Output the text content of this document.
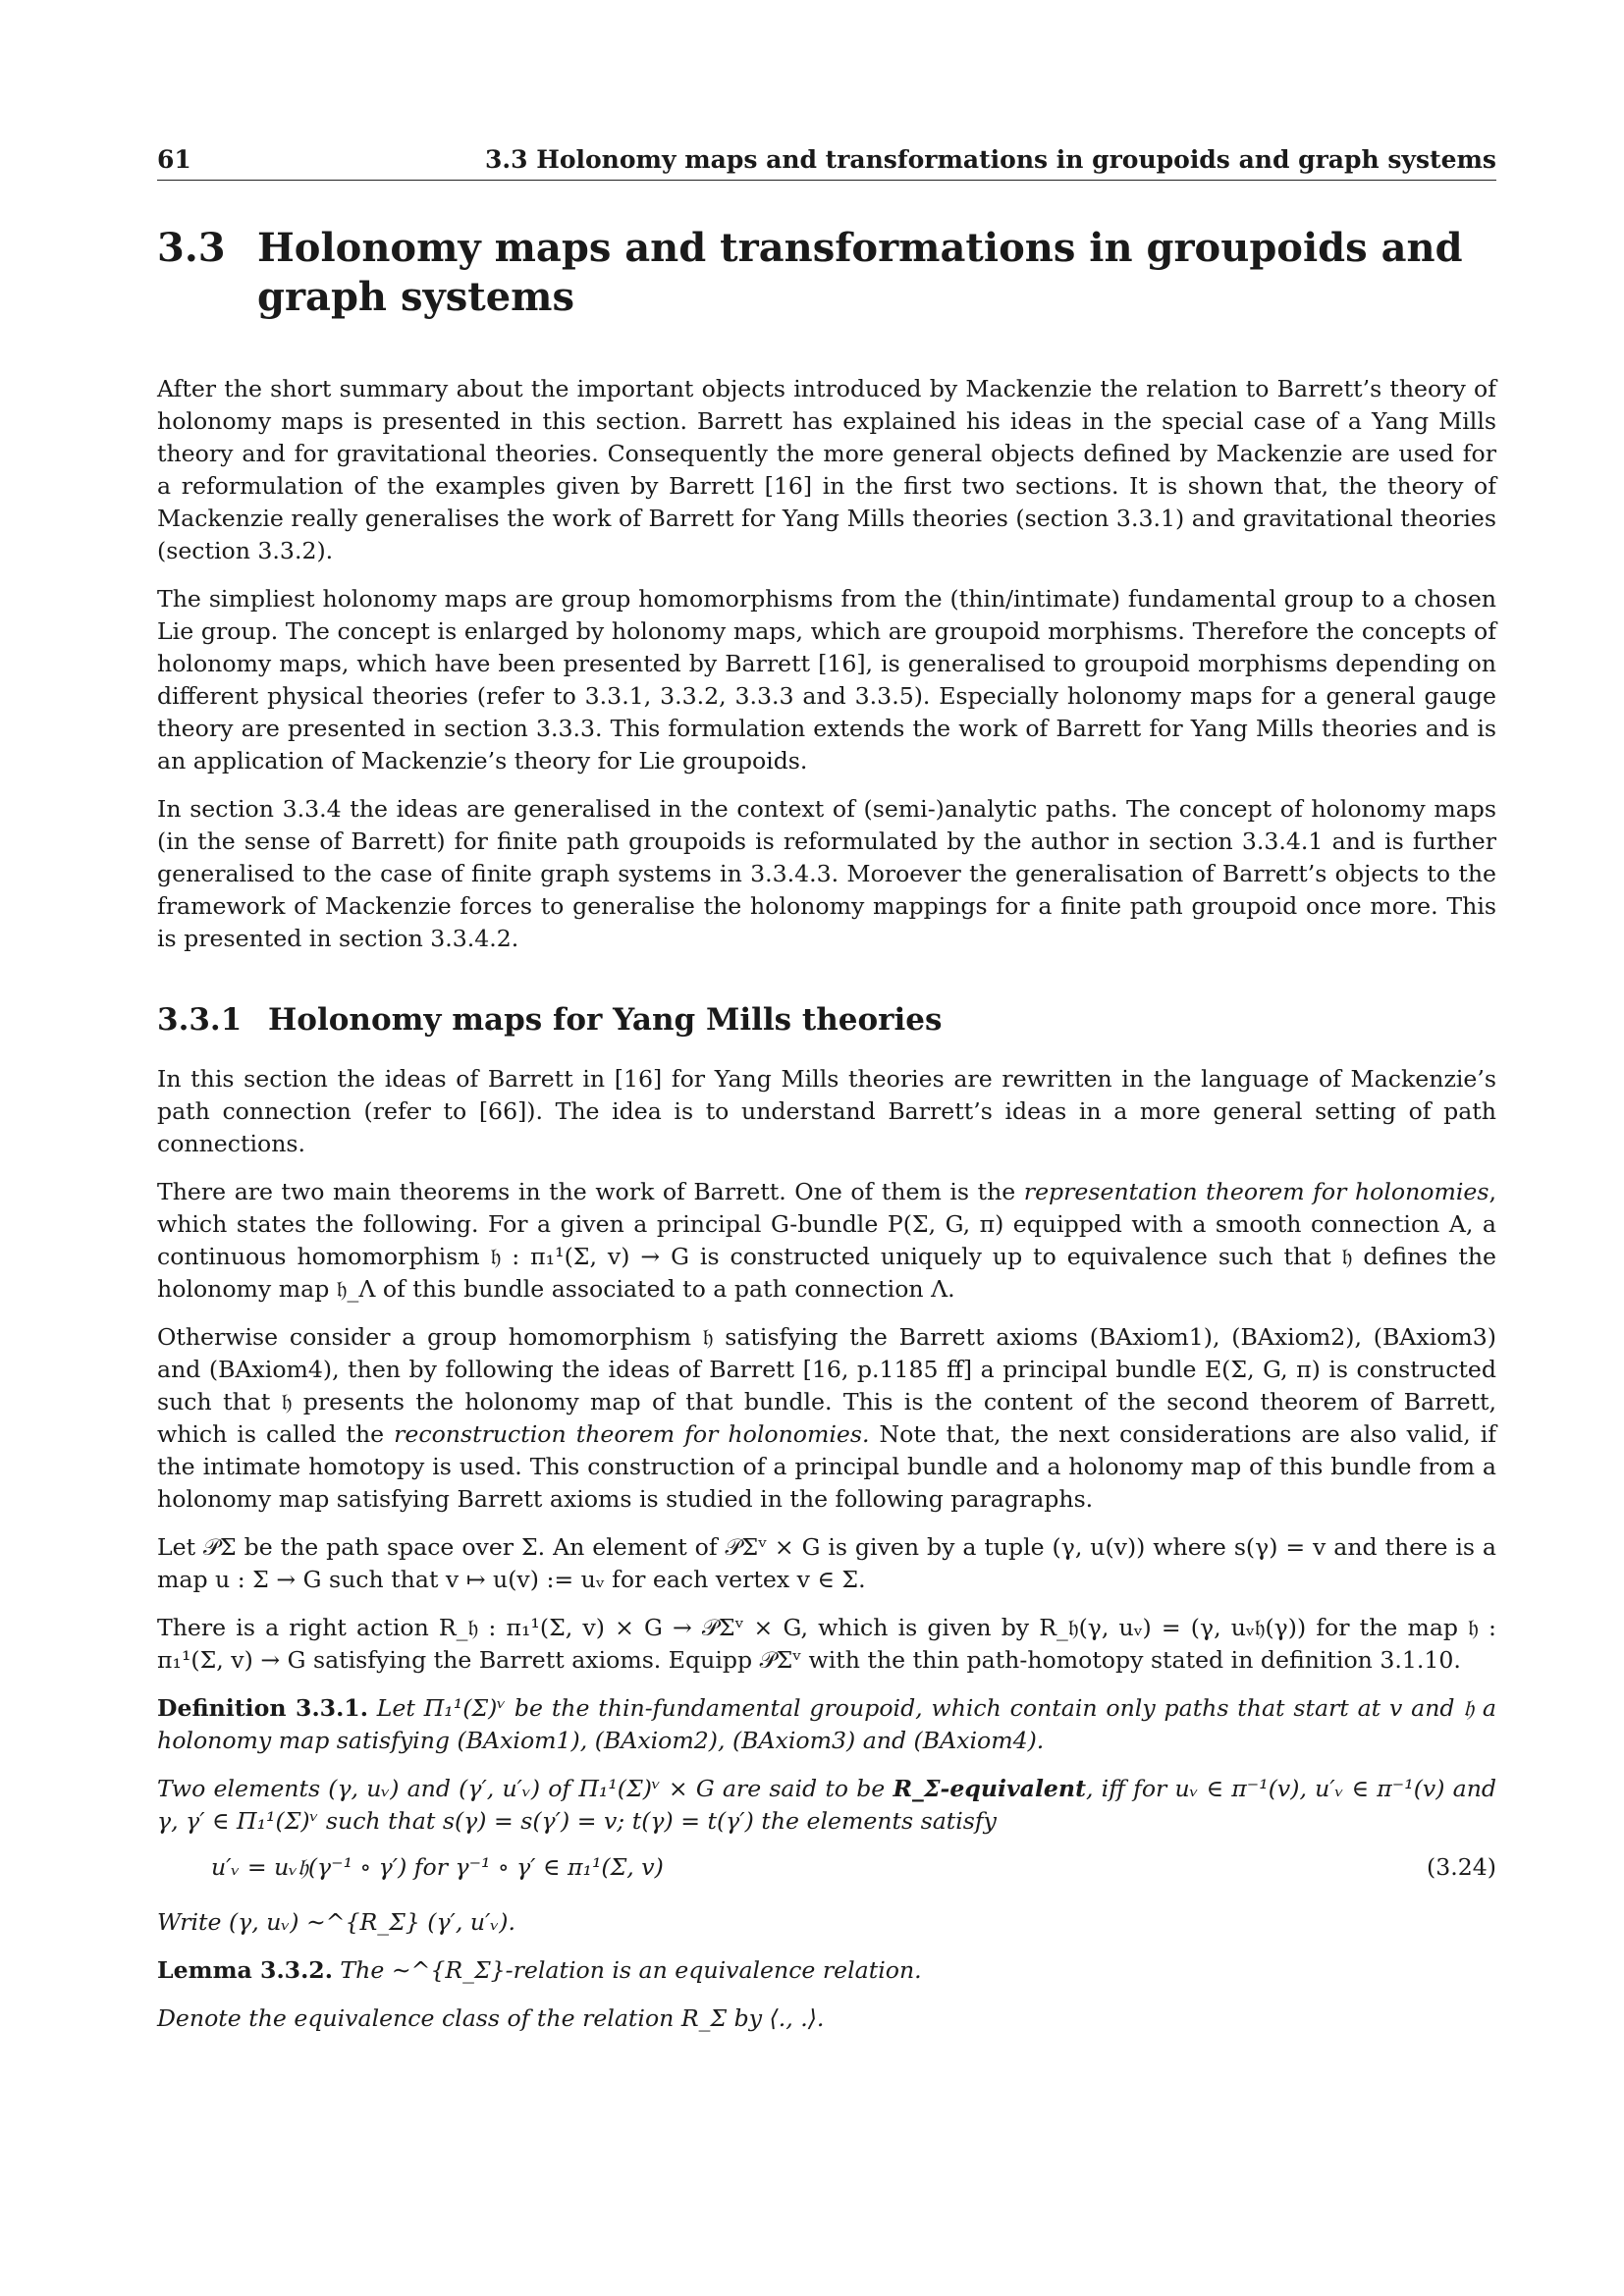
61	3.3 Holonomy maps and transformations in groupoids and graph systems
3.3 Holonomy maps and transformations in groupoids and graph systems

After the short summary about the important objects introduced by Mackenzie the relation to Barrett’s theory of holonomy maps is presented in this section. Barrett has explained his ideas in the special case of a Yang Mills theory and for gravitational theories. Consequently the more general objects defined by Mackenzie are used for a reformulation of the examples given by Barrett [16] in the first two sections. It is shown that, the theory of Mackenzie really generalises the work of Barrett for Yang Mills theories (section 3.3.1) and gravitational theories (section 3.3.2).

The simpliest holonomy maps are group homomorphisms from the (thin/intimate) fundamental group to a chosen Lie group. The concept is enlarged by holonomy maps, which are groupoid morphisms. Therefore the concepts of holonomy maps, which have been presented by Barrett [16], is generalised to groupoid morphisms depending on different physical theories (refer to 3.3.1, 3.3.2, 3.3.3 and 3.3.5). Especially holonomy maps for a general gauge theory are presented in section 3.3.3. This formulation extends the work of Barrett for Yang Mills theories and is an application of Mackenzie’s theory for Lie groupoids.

In section 3.3.4 the ideas are generalised in the context of (semi-)analytic paths. The concept of holonomy maps (in the sense of Barrett) for finite path groupoids is reformulated by the author in section 3.3.4.1 and is further generalised to the case of finite graph systems in 3.3.4.3. Moroever the generalisation of Barrett’s objects to the framework of Mackenzie forces to generalise the holonomy mappings for a finite path groupoid once more. This is presented in section 3.3.4.2.

3.3.1 Holonomy maps for Yang Mills theories

In this section the ideas of Barrett in [16] for Yang Mills theories are rewritten in the language of Mackenzie’s path connection (refer to [66]). The idea is to understand Barrett’s ideas in a more general setting of path connections.

There are two main theorems in the work of Barrett. One of them is the representation theorem for holonomies, which states the following. For a given a principal G-bundle P(Σ, G, π) equipped with a smooth connection A, a continuous homomorphism 𝔥 : π₁¹(Σ, v) → G is constructed uniquely up to equivalence such that 𝔥 defines the holonomy map 𝔥_Λ of this bundle associated to a path connection Λ.

Otherwise consider a group homomorphism 𝔥 satisfying the Barrett axioms (BAxiom1), (BAxiom2), (BAxiom3) and (BAxiom4), then by following the ideas of Barrett [16, p.1185 ff] a principal bundle E(Σ, G, π) is constructed such that 𝔥 presents the holonomy map of that bundle. This is the content of the second theorem of Barrett, which is called the reconstruction theorem for holonomies. Note that, the next considerations are also valid, if the intimate homotopy is used. This construction of a principal bundle and a holonomy map of this bundle from a holonomy map satisfying Barrett axioms is studied in the following paragraphs.

Let 𝒫Σ be the path space over Σ. An element of 𝒫Σᵛ × G is given by a tuple (γ, u(v)) where s(γ) = v and there is a map u : Σ → G such that v ↦ u(v) := uᵥ for each vertex v ∈ Σ.

There is a right action R_𝔥 : π₁¹(Σ, v) × G → 𝒫Σᵛ × G, which is given by R_𝔥(γ, uᵥ) = (γ, uᵥ𝔥(γ)) for the map 𝔥 : π₁¹(Σ, v) → G satisfying the Barrett axioms. Equipp 𝒫Σᵛ with the thin path-homotopy stated in definition 3.1.10.

Definition 3.3.1. Let Π₁¹(Σ)ᵛ be the thin-fundamental groupoid, which contain only paths that start at v and 𝔥 a holonomy map satisfying (BAxiom1), (BAxiom2), (BAxiom3) and (BAxiom4).

Two elements (γ, uᵥ) and (γ′, u′ᵥ) of Π₁¹(Σ)ᵛ × G are said to be R_Σ-equivalent, iff for uᵥ ∈ π⁻¹(v), u′ᵥ ∈ π⁻¹(v) and γ, γ′ ∈ Π₁¹(Σ)ᵛ such that s(γ) = s(γ′) = v; t(γ) = t(γ′) the elements satisfy

u′ᵥ = uᵥ𝔥(γ⁻¹ ∘ γ′) for γ⁻¹ ∘ γ′ ∈ π₁¹(Σ, v)	(3.24)

Write (γ, uᵥ) ∼^{R_Σ} (γ′, u′ᵥ).

Lemma 3.3.2. The ∼^{R_Σ}-relation is an equivalence relation.

Denote the equivalence class of the relation R_Σ by ⟨., .⟩.
